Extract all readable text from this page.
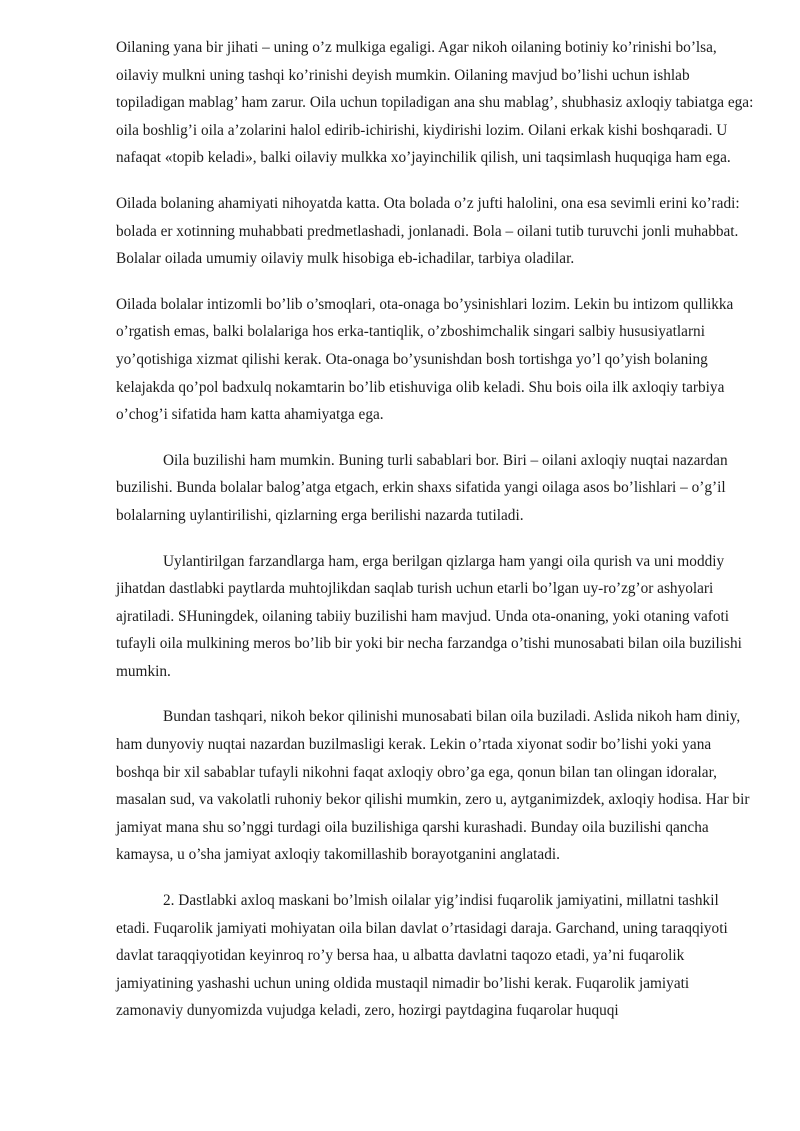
Oilaning yana bir jihati – uning o’z mulkiga egaligi. Agar nikoh oilaning botiniy ko’rinishi bo’lsa, oilaviy mulkni uning tashqi ko’rinishi deyish mumkin. Oilaning mavjud bo’lishi uchun ishlab topiladigan mablag’ ham zarur. Oila uchun topiladigan ana shu mablag’, shubhasiz axloqiy tabiatga ega: oila boshlig’i oila a’zolarini halol edirib-ichirishi, kiydirishi lozim. Oilani erkak kishi boshqaradi. U nafaqat «topib keladi», balki oilaviy mulkka xo’jayinchilik qilish, uni taqsimlash huquqiga ham ega.

Oilada bolaning ahamiyati nihoyatda katta. Ota bolada o’z jufti halolini, ona esa sevimli erini ko’radi: bolada er xotinning muhabbati predmetlashadi, jonlanadi. Bola – oilani tutib turuvchi jonli muhabbat. Bolalar oilada umumiy oilaviy mulk hisobiga eb-ichadilar, tarbiya oladilar.

Oilada bolalar intizomli bo’lib o’smoqlari, ota-onaga bo’ysinishlari lozim. Lekin bu intizom qullikka o’rgatish emas, balki bolalariga hos erka-tantiqlik, o’zboshimchalik singari salbiy hususiyatlarni yo’qotishiga xizmat qilishi kerak. Ota-onaga bo’ysunishdan bosh tortishga yo’l qo’yish bolaning kelajakda qo’pol badxulq nokamtarin bo’lib etishuviga olib keladi. Shu bois oila ilk axloqiy tarbiya o’chog’i sifatida ham katta ahamiyatga ega.

Oila buzilishi ham mumkin. Buning turli sabablari bor. Biri – oilani axloqiy nuqtai nazardan buzilishi. Bunda bolalar balog’atga etgach, erkin shaxs sifatida yangi oilaga asos bo’lishlari – o’g’il bolalarning uylantirilishi, qizlarning erga berilishi nazarda tutiladi.

Uylantirilgan farzandlarga ham, erga berilgan qizlarga ham yangi oila qurish va uni moddiy jihatdan dastlabki paytlarda muhtojlikdan saqlab turish uchun etarli bo’lgan uy-ro’zg’or ashyolari ajratiladi. SHuningdek, oilaning tabiiy buzilishi ham mavjud. Unda ota-onaning, yoki otaning vafoti tufayli oila mulkining meros bo’lib bir yoki bir necha farzandga o’tishi munosabati bilan oila buzilishi mumkin.

Bundan tashqari, nikoh bekor qilinishi munosabati bilan oila buziladi. Aslida nikoh ham diniy, ham dunyoviy nuqtai nazardan buzilmasligi kerak. Lekin o’rtada xiyonat sodir bo’lishi yoki yana boshqa bir xil sabablar tufayli nikohni faqat axloqiy obro’ga ega, qonun bilan tan olingan idoralar, masalan sud, va vakolatli ruhoniy bekor qilishi mumkin, zero u, aytganimizdek, axloqiy hodisa. Har bir jamiyat mana shu so’nggi turdagi oila buzilishiga qarshi kurashadi. Bunday oila buzilishi qancha kamaysa, u o’sha jamiyat axloqiy takomillashib borayotganini anglatadi.

2. Dastlabki axloq maskani bo’lmish oilalar yig’indisi fuqarolik jamiyatini, millatni tashkil etadi. Fuqarolik jamiyati mohiyatan oila bilan davlat o’rtasidagi daraja. Garchand, uning taraqqiyoti davlat taraqqiyotidan keyinroq ro’y bersa haa, u albatta davlatni taqozo etadi, ya’ni fuqarolik jamiyatining yashashi uchun uning oldida mustaqil nimadir bo’lishi kerak. Fuqarolik jamiyati zamonaviy dunyomizda vujudga keladi, zero, hozirgi paytdagina fuqarolar huquqi
